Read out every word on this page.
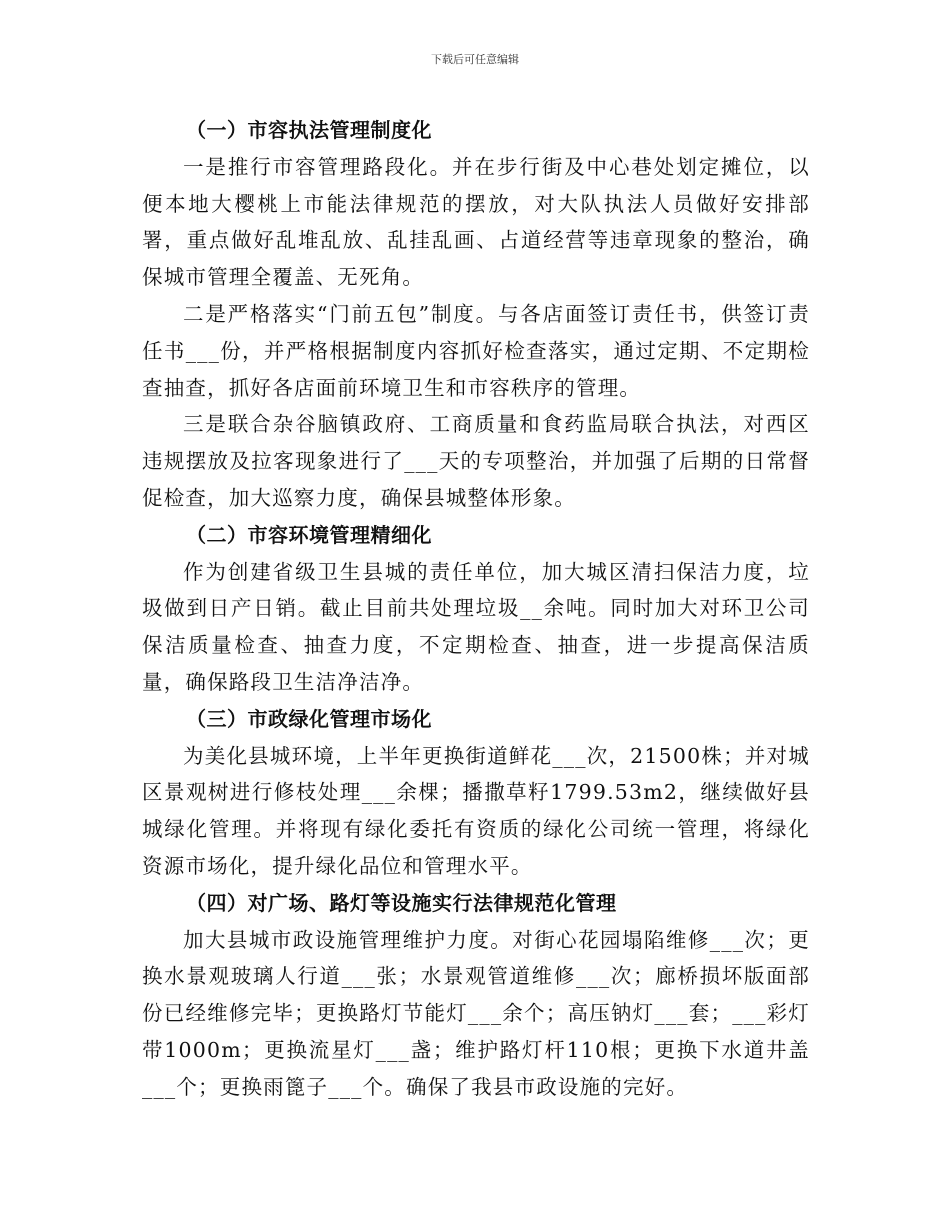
下载后可任意编辑

（一）市容执法管理制度化

一是推行市容管理路段化。并在步行街及中心巷处划定摊位，以便本地大樱桃上市能法律规范的摆放，对大队执法人员做好安排部署，重点做好乱堆乱放、乱挂乱画、占道经营等违章现象的整治，确保城市管理全覆盖、无死角。

二是严格落实“门前五包”制度。与各店面签订责任书，供签订责任书___份，并严格根据制度内容抓好检查落实，通过定期、不定期检查抽查，抓好各店面前环境卫生和市容秩序的管理。

三是联合杂谷脑镇政府、工商质量和食药监局联合执法，对西区违规摆放及拉客现象进行了___天的专项整治，并加强了后期的日常督促检查，加大巡察力度，确保县城整体形象。

（二）市容环境管理精细化

作为创建省级卫生县城的责任单位，加大城区清扫保洁力度，垃圾做到日产日销。截止目前共处理垃圾__余吨。同时加大对环卫公司保洁质量检查、抽查力度，不定期检查、抽查，进一步提高保洁质量，确保路段卫生洁净洁净。

（三）市政绿化管理市场化

为美化县城环境，上半年更换街道鲜花___次，21500株；并对城区景观树进行修枝处理___余棵；播撒草籽1799.53m2，继续做好县城绿化管理。并将现有绿化委托有资质的绿化公司统一管理，将绿化资源市场化，提升绿化品位和管理水平。

（四）对广场、路灯等设施实行法律规范化管理

加大县城市政设施管理维护力度。对街心花园塌陷维修___次；更换水景观玻璃人行道___张；水景观管道维修___次；廊桥损坏版面部份已经维修完毕；更换路灯节能灯___余个；高压钠灯___套；___彩灯带1000m；更换流星灯___盏；维护路灯杆110根；更换下水道井盖___个；更换雨篦子___个。确保了我县市政设施的完好。
